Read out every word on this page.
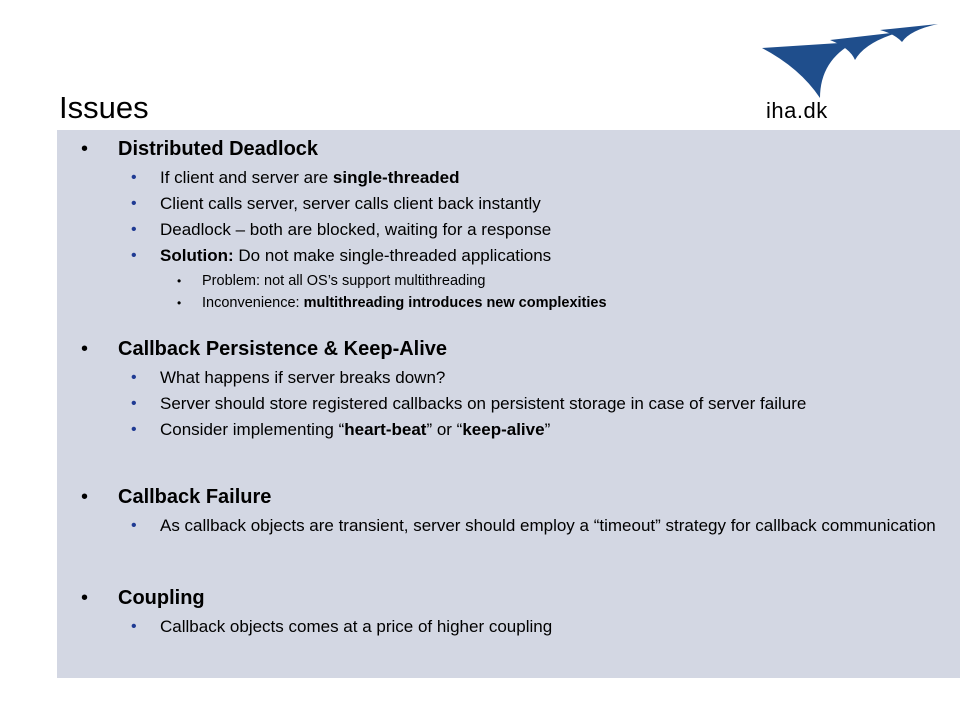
Issues	iha.dk
• Distributed Deadlock
• If client and server are single-threaded
• Client calls server, server calls client back instantly
• Deadlock – both are blocked, waiting for a response
• Solution: Do not make single-threaded applications
• Problem: not all OS’s support multithreading
• Inconvenience: multithreading introduces new complexities
• Callback Persistence & Keep-Alive
• What happens if server breaks down?
• Server should store registered callbacks on persistent storage in case of server failure
• Consider implementing “heart-beat” or “keep-alive”
• Callback Failure
• As callback objects are transient, server should employ a “timeout” strategy for callback communication
• Coupling
• Callback objects comes at a price of higher coupling
